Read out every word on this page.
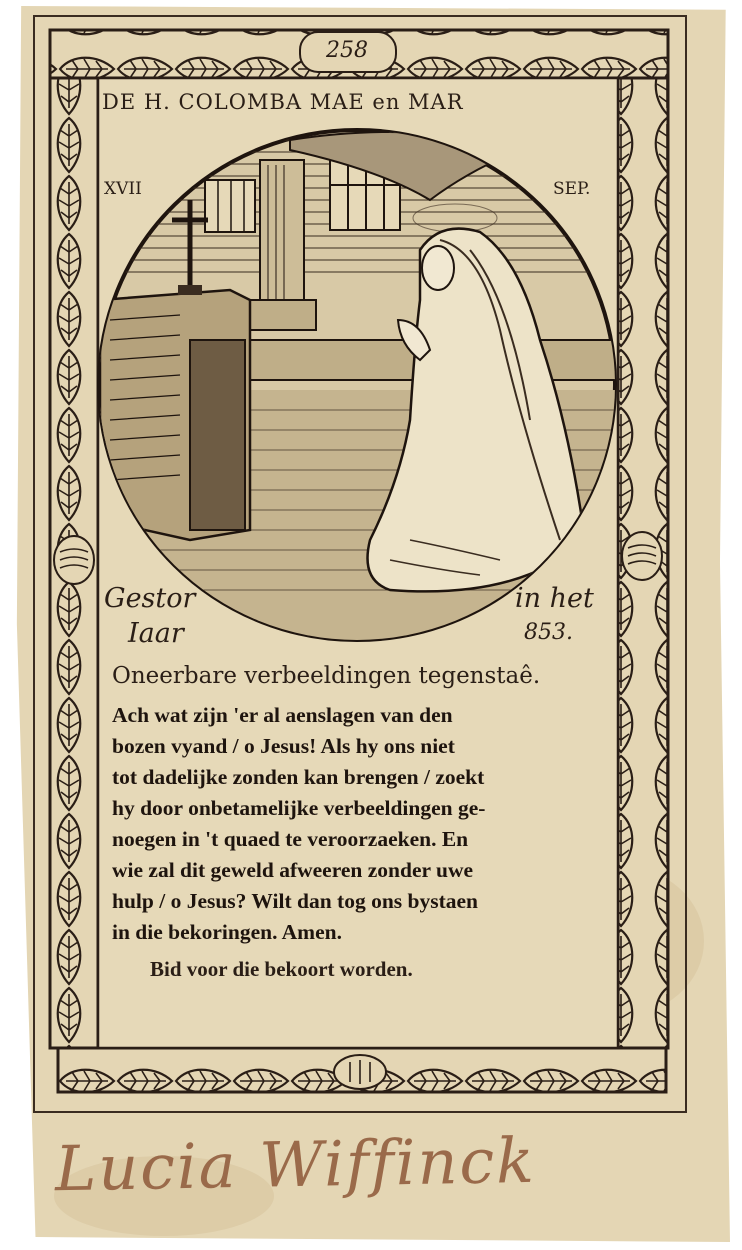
258
DE H. COLOMBA MAE en MAR
XVII	SEP.
Gestor	in het
Iaar	853.
Oneerbare verbeeldingen tegenstaê.

Ach wat zijn 'er al aenslagen van den

bozen vyand / o Jesus! Als hy ons niet

tot dadelijke zonden kan brengen / zoekt

hy door onbetamelijke verbeeldingen ge-

noegen in 't quaed te veroorzaeken. En

wie zal dit geweld afweeren zonder uwe

hulp / o Jesus? Wilt dan tog ons bystaen

in die bekoringen. Amen.

Bid voor die bekoort worden.
Lucia Wiffinck
